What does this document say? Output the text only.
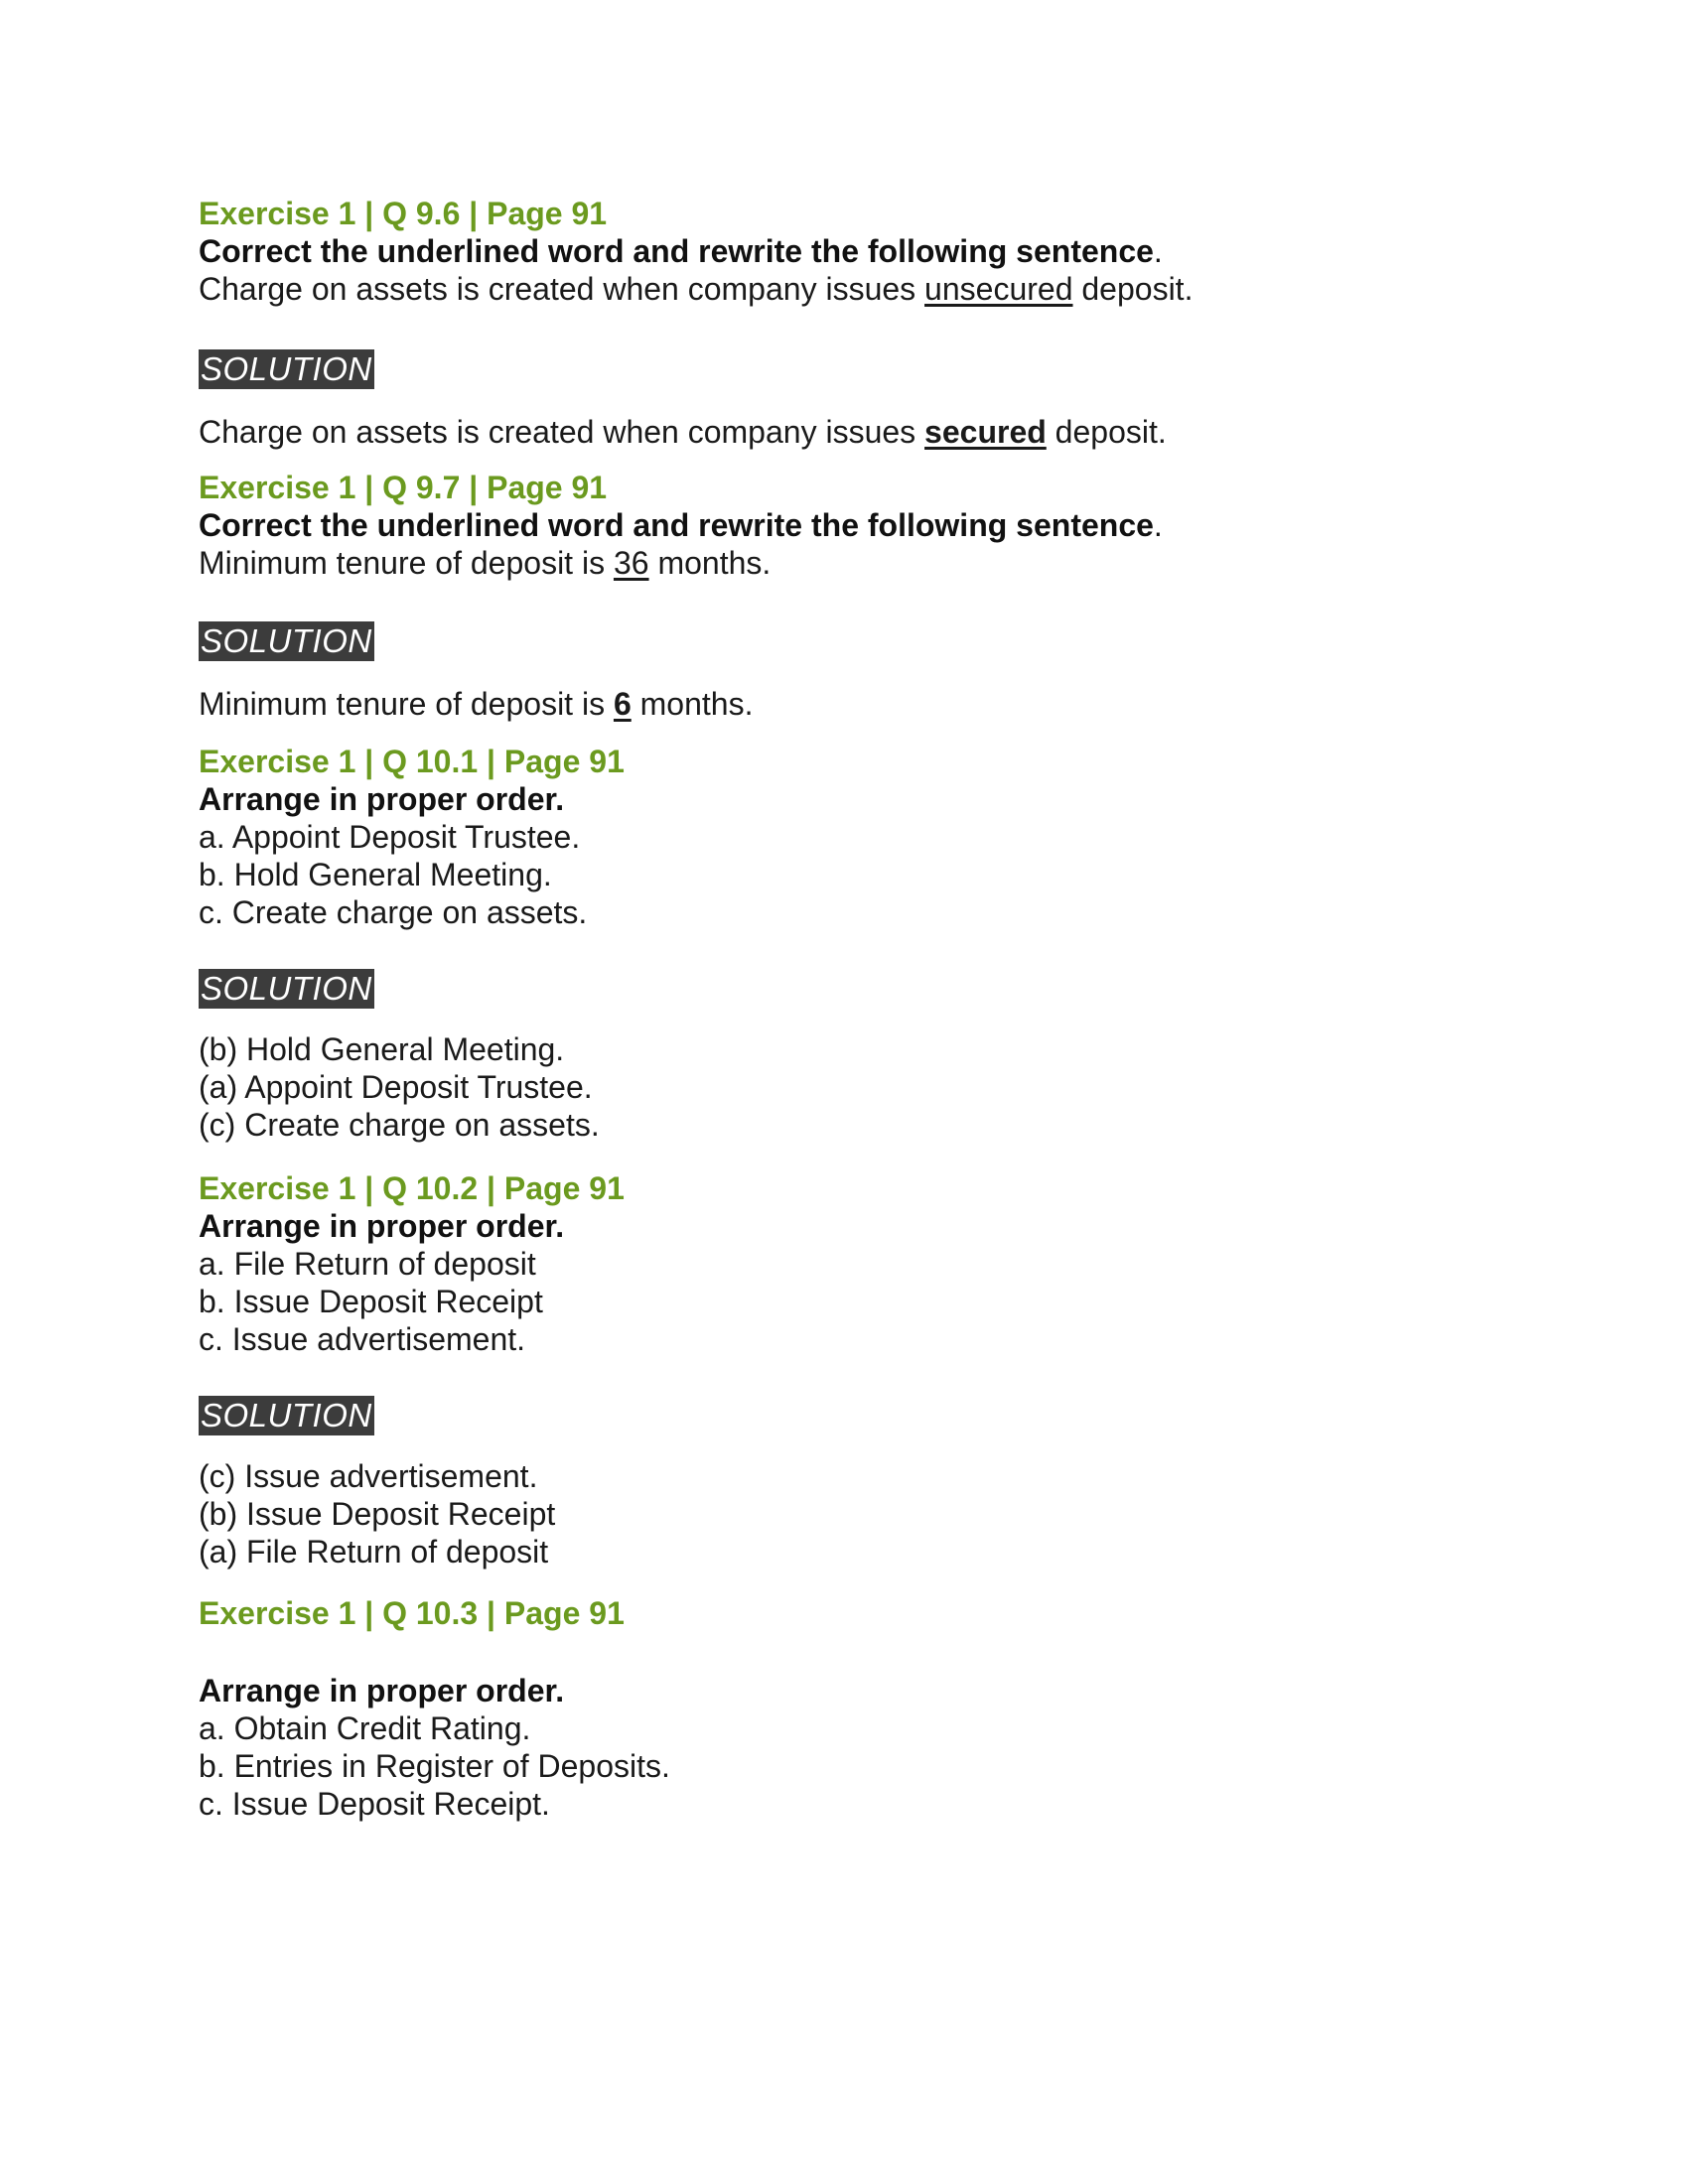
Exercise 1 | Q 9.6 | Page 91

Correct the underlined word and rewrite the following sentence.

Charge on assets is created when company issues unsecured deposit.

SOLUTION

Charge on assets is created when company issues secured deposit.

Exercise 1 | Q 9.7 | Page 91

Correct the underlined word and rewrite the following sentence.

Minimum tenure of deposit is 36 months.

SOLUTION

Minimum tenure of deposit is 6 months.

Exercise 1 | Q 10.1 | Page 91

Arrange in proper order.

a. Appoint Deposit Trustee.

b. Hold General Meeting.

c. Create charge on assets.

SOLUTION

(b) Hold General Meeting.

(a) Appoint Deposit Trustee.

(c) Create charge on assets.

Exercise 1 | Q 10.2 | Page 91

Arrange in proper order.

a. File Return of deposit

b. Issue Deposit Receipt

c. Issue advertisement.

SOLUTION

(c) Issue advertisement.

(b) Issue Deposit Receipt

(a) File Return of deposit

Exercise 1 | Q 10.3 | Page 91

Arrange in proper order.

a. Obtain Credit Rating.

b. Entries in Register of Deposits.

c. Issue Deposit Receipt.
